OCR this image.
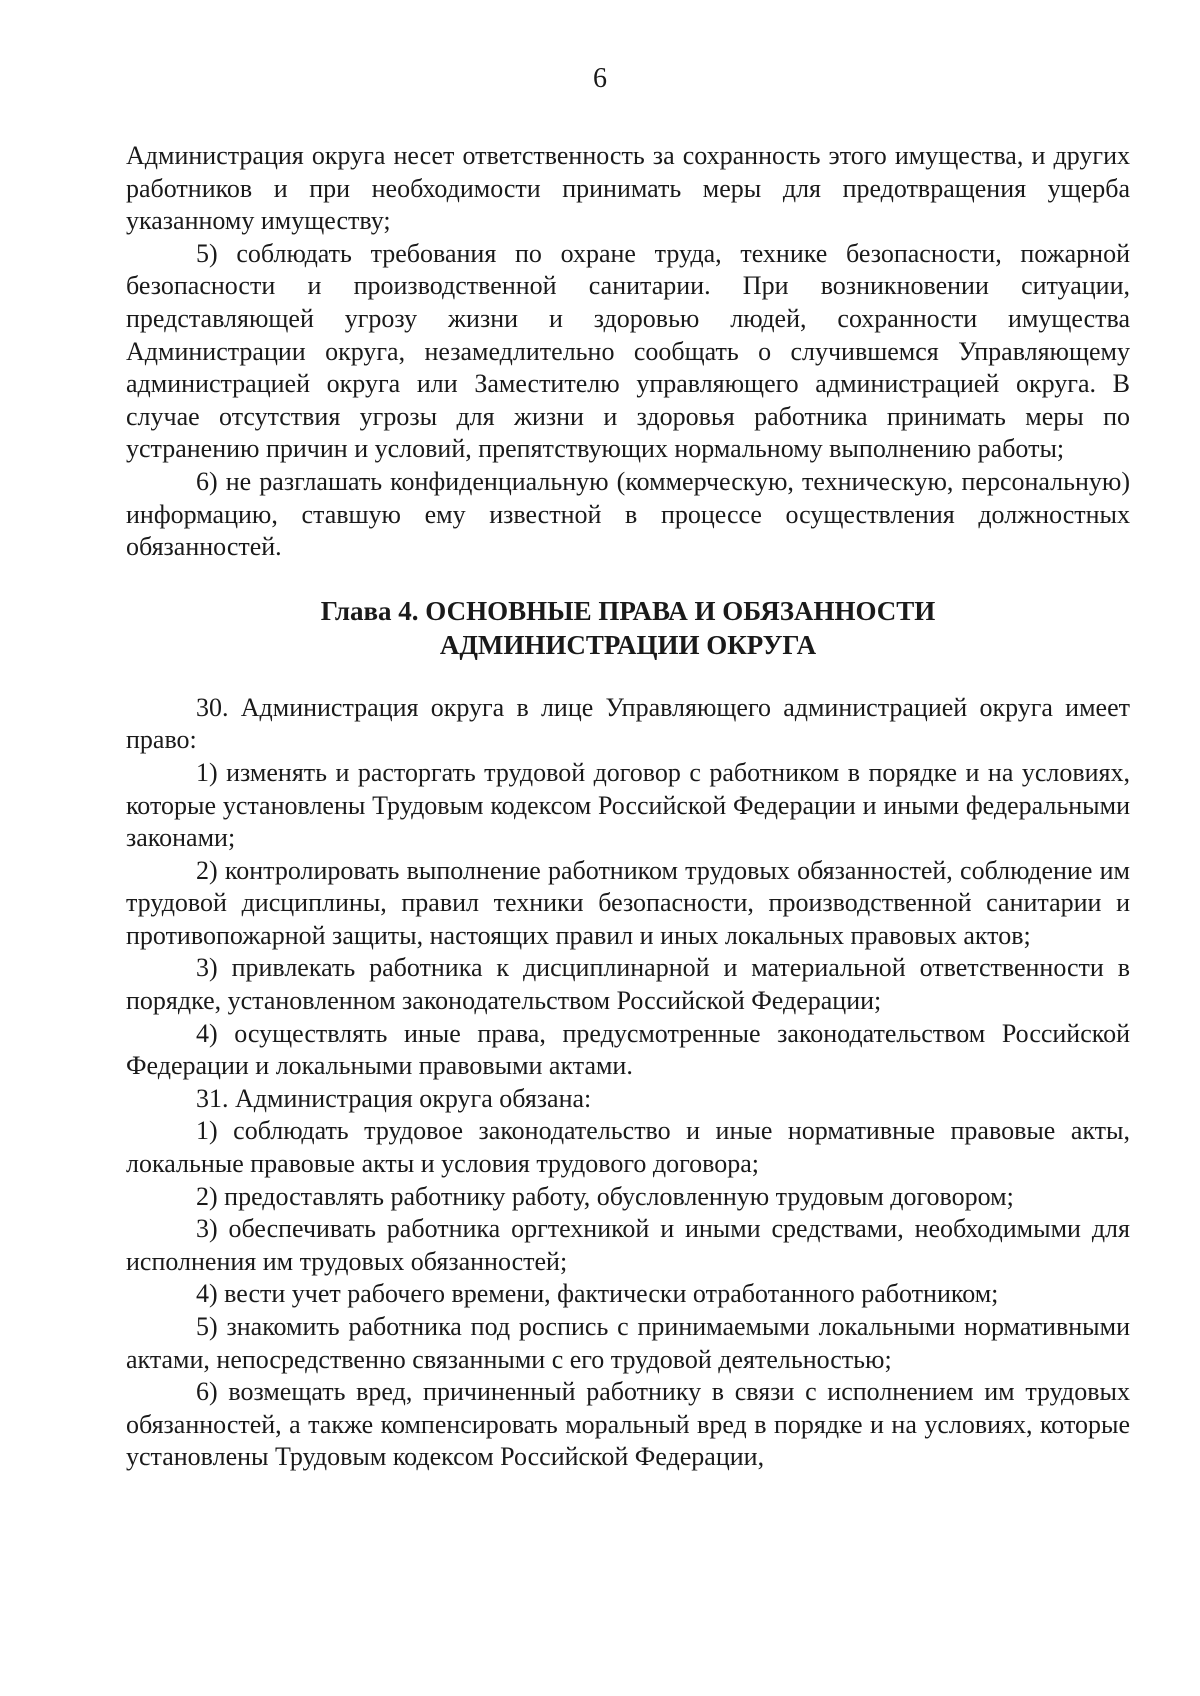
6

Администрация округа несет ответственность за сохранность этого имущества, и других работников и при необходимости принимать меры для предотвращения ущерба указанному имуществу;

5) соблюдать требования по охране труда, технике безопасности, пожарной безопасности и производственной санитарии. При возникновении ситуации, представляющей угрозу жизни и здоровью людей, сохранности имущества Администрации округа, незамедлительно сообщать о случившемся Управляющему администрацией округа или Заместителю управляющего администрацией округа. В случае отсутствия угрозы для жизни и здоровья работника принимать меры по устранению причин и условий, препятствующих нормальному выполнению работы;

6) не разглашать конфиденциальную (коммерческую, техническую, персональную) информацию, ставшую ему известной в процессе осуществления должностных обязанностей.

Глава 4. ОСНОВНЫЕ ПРАВА И ОБЯЗАННОСТИ
АДМИНИСТРАЦИИ ОКРУГА

30. Администрация округа в лице Управляющего администрацией округа имеет право:

1) изменять и расторгать трудовой договор с работником в порядке и на условиях, которые установлены Трудовым кодексом Российской Федерации и иными федеральными законами;

2) контролировать выполнение работником трудовых обязанностей, соблюдение им трудовой дисциплины, правил техники безопасности, производственной санитарии и противопожарной защиты, настоящих правил и иных локальных правовых актов;

3) привлекать работника к дисциплинарной и материальной ответственности в порядке, установленном законодательством Российской Федерации;

4) осуществлять иные права, предусмотренные законодательством Российской Федерации и локальными правовыми актами.

31. Администрация округа обязана:

1) соблюдать трудовое законодательство и иные нормативные правовые акты, локальные правовые акты и условия трудового договора;

2) предоставлять работнику работу, обусловленную трудовым договором;

3) обеспечивать работника оргтехникой и иными средствами, необходимыми для исполнения им трудовых обязанностей;

4) вести учет рабочего времени, фактически отработанного работником;

5) знакомить работника под роспись с принимаемыми локальными нормативными актами, непосредственно связанными с его трудовой деятельностью;

6) возмещать вред, причиненный работнику в связи с исполнением им трудовых обязанностей, а также компенсировать моральный вред в порядке и на условиях, которые установлены Трудовым кодексом Российской Федерации,
